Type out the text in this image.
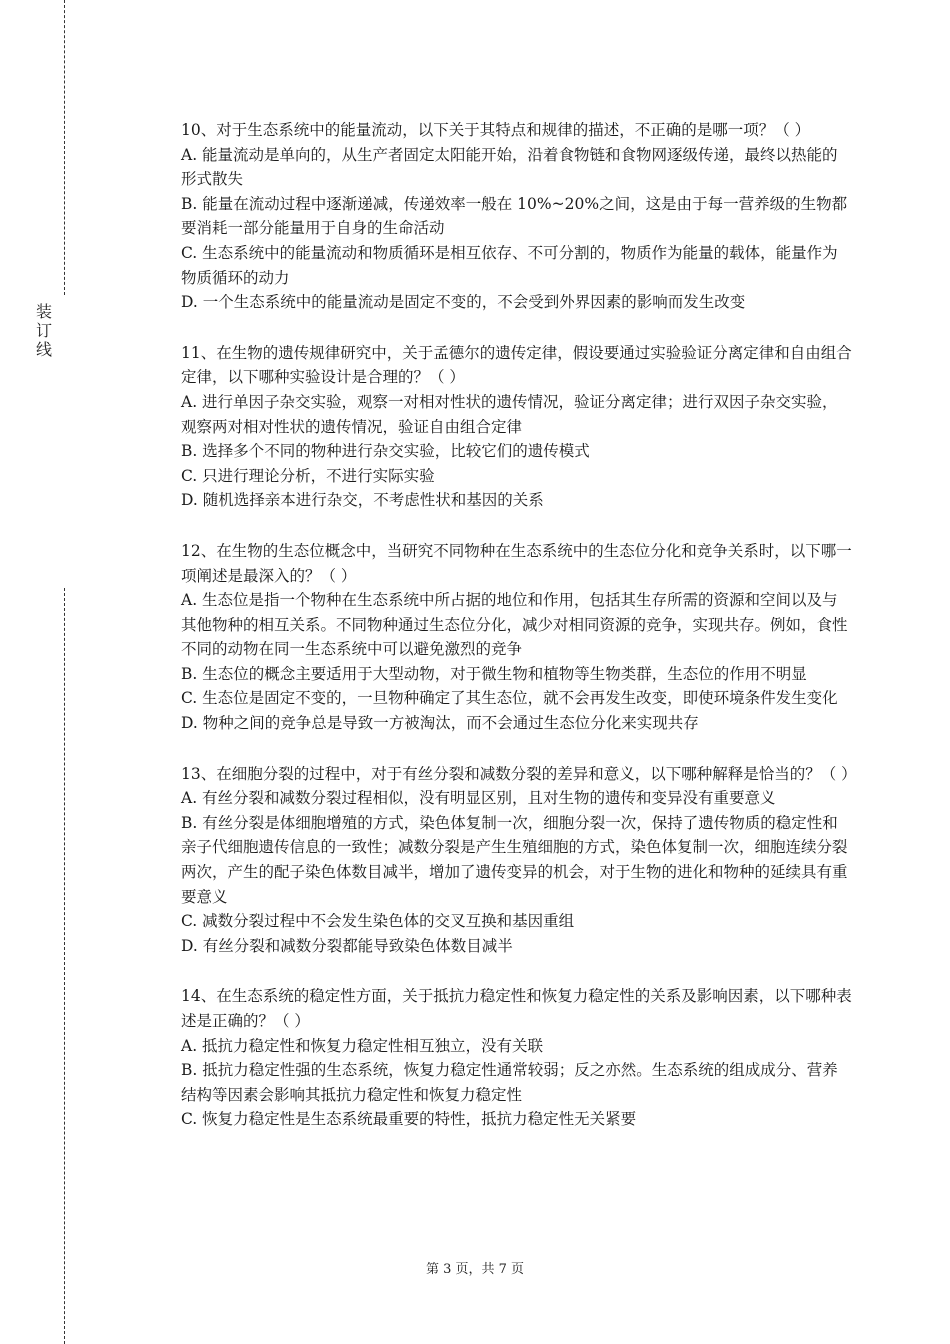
装
订
线

10、对于生态系统中的能量流动，以下关于其特点和规律的描述，不正确的是哪一项？（ ）

A. 能量流动是单向的，从生产者固定太阳能开始，沿着食物链和食物网逐级传递，最终以热能的形式散失

B. 能量在流动过程中逐渐递减，传递效率一般在 10%~20%之间，这是由于每一营养级的生物都要消耗一部分能量用于自身的生命活动

C. 生态系统中的能量流动和物质循环是相互依存、不可分割的，物质作为能量的载体，能量作为物质循环的动力

D. 一个生态系统中的能量流动是固定不变的，不会受到外界因素的影响而发生改变

11、在生物的遗传规律研究中，关于孟德尔的遗传定律，假设要通过实验验证分离定律和自由组合定律，以下哪种实验设计是合理的？（ ）

A. 进行单因子杂交实验，观察一对相对性状的遗传情况，验证分离定律；进行双因子杂交实验，观察两对相对性状的遗传情况，验证自由组合定律

B. 选择多个不同的物种进行杂交实验，比较它们的遗传模式

C. 只进行理论分析，不进行实际实验

D. 随机选择亲本进行杂交，不考虑性状和基因的关系

12、在生物的生态位概念中，当研究不同物种在生态系统中的生态位分化和竞争关系时，以下哪一项阐述是最深入的？（ ）

A. 生态位是指一个物种在生态系统中所占据的地位和作用，包括其生存所需的资源和空间以及与其他物种的相互关系。不同物种通过生态位分化，减少对相同资源的竞争，实现共存。例如，食性不同的动物在同一生态系统中可以避免激烈的竞争

B. 生态位的概念主要适用于大型动物，对于微生物和植物等生物类群，生态位的作用不明显

C. 生态位是固定不变的，一旦物种确定了其生态位，就不会再发生改变，即使环境条件发生变化

D. 物种之间的竞争总是导致一方被淘汰，而不会通过生态位分化来实现共存

13、在细胞分裂的过程中，对于有丝分裂和减数分裂的差异和意义，以下哪种解释是恰当的？（ ）

A. 有丝分裂和减数分裂过程相似，没有明显区别，且对生物的遗传和变异没有重要意义

B. 有丝分裂是体细胞增殖的方式，染色体复制一次，细胞分裂一次，保持了遗传物质的稳定性和亲子代细胞遗传信息的一致性；减数分裂是产生生殖细胞的方式，染色体复制一次，细胞连续分裂两次，产生的配子染色体数目减半，增加了遗传变异的机会，对于生物的进化和物种的延续具有重要意义

C. 减数分裂过程中不会发生染色体的交叉互换和基因重组

D. 有丝分裂和减数分裂都能导致染色体数目减半

14、在生态系统的稳定性方面，关于抵抗力稳定性和恢复力稳定性的关系及影响因素，以下哪种表述是正确的？（ ）

A. 抵抗力稳定性和恢复力稳定性相互独立，没有关联

B. 抵抗力稳定性强的生态系统，恢复力稳定性通常较弱；反之亦然。生态系统的组成成分、营养结构等因素会影响其抵抗力稳定性和恢复力稳定性

C. 恢复力稳定性是生态系统最重要的特性，抵抗力稳定性无关紧要

第 3 页，共 7 页
